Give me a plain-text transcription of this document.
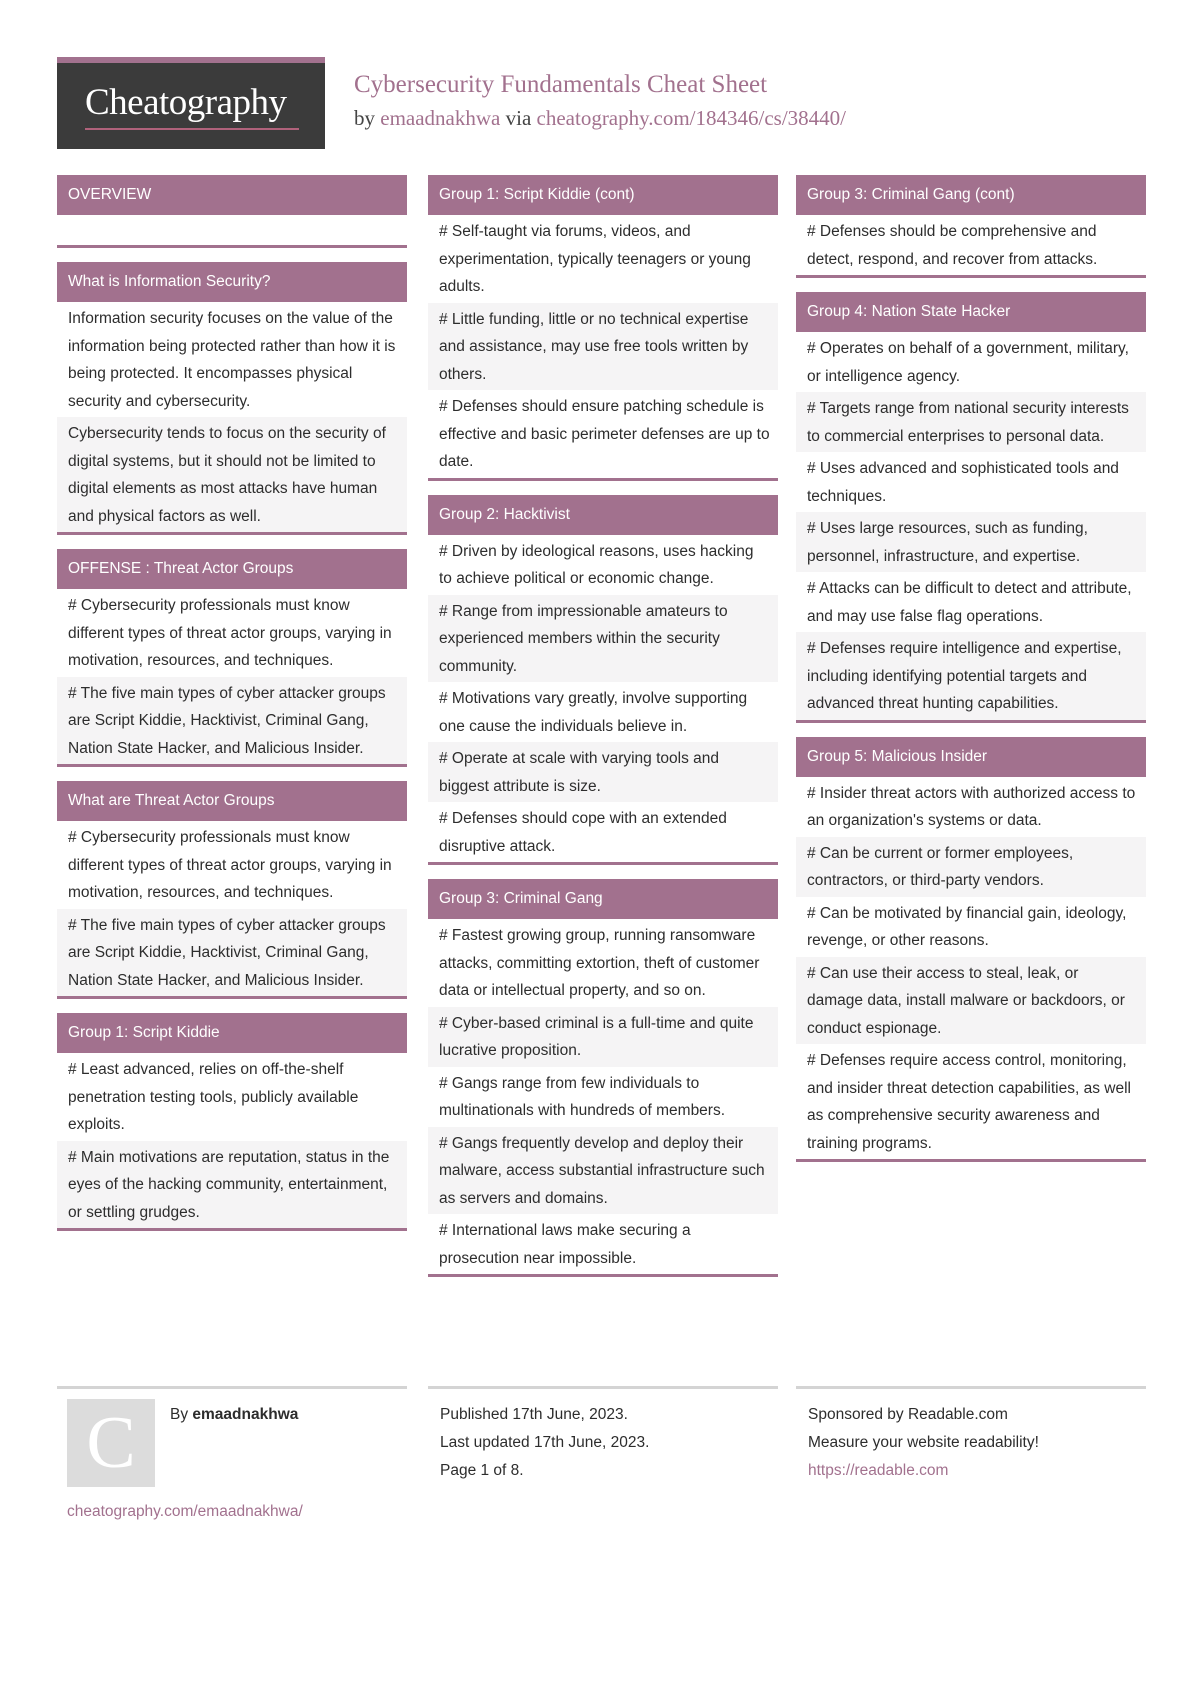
Cheatography	Cybersecurity Fundamentals Cheat Sheet
by emaadnakhwa via cheatography.com/184346/cs/38440/
OVERVIEW
What is Information Security?
Information security focuses on the value of the information being protected rather than how it is being protected. It encompasses physical security and cybersecurity.
Cybersecurity tends to focus on the security of digital systems, but it should not be limited to digital elements as most attacks have human and physical factors as well.
OFFENSE : Threat Actor Groups
# Cybersecurity professionals must know different types of threat actor groups, varying in motivation, resources, and techniques.
# The five main types of cyber attacker groups are Script Kiddie, Hacktivist, Criminal Gang, Nation State Hacker, and Malicious Insider.
What are Threat Actor Groups
# Cybersecurity professionals must know different types of threat actor groups, varying in motivation, resources, and techniques.
# The five main types of cyber attacker groups are Script Kiddie, Hacktivist, Criminal Gang, Nation State Hacker, and Malicious Insider.
Group 1: Script Kiddie
# Least advanced, relies on off-the-shelf penetration testing tools, publicly available exploits.
# Main motivations are reputation, status in the eyes of the hacking community, entertainment, or settling grudges.
Group 1: Script Kiddie (cont)
# Self-taught via forums, videos, and experimentation, typically teenagers or young adults.
# Little funding, little or no technical expertise and assistance, may use free tools written by others.
# Defenses should ensure patching schedule is effective and basic perimeter defenses are up to date.
Group 2: Hacktivist
# Driven by ideological reasons, uses hacking to achieve political or economic change.
# Range from impressionable amateurs to experienced members within the security community.
# Motivations vary greatly, involve supporting one cause the individuals believe in.
# Operate at scale with varying tools and biggest attribute is size.
# Defenses should cope with an extended disruptive attack.
Group 3: Criminal Gang
# Fastest growing group, running ransomware attacks, committing extortion, theft of customer data or intellectual property, and so on.
# Cyber-based criminal is a full-time and quite lucrative proposition.
# Gangs range from few individuals to multinationals with hundreds of members.
# Gangs frequently develop and deploy their malware, access substantial infrastructure such as servers and domains.
# International laws make securing a prosecution near impossible.
Group 3: Criminal Gang (cont)
# Defenses should be comprehensive and detect, respond, and recover from attacks.
Group 4: Nation State Hacker
# Operates on behalf of a government, military, or intelligence agency.
# Targets range from national security interests to commercial enterprises to personal data.
# Uses advanced and sophisticated tools and techniques.
# Uses large resources, such as funding, personnel, infrastructure, and expertise.
# Attacks can be difficult to detect and attribute, and may use false flag operations.
# Defenses require intelligence and expertise, including identifying potential targets and advanced threat hunting capabilities.
Group 5: Malicious Insider
# Insider threat actors with authorized access to an organization's systems or data.
# Can be current or former employees, contractors, or third-party vendors.
# Can be motivated by financial gain, ideology, revenge, or other reasons.
# Can use their access to steal, leak, or damage data, install malware or backdoors, or conduct espionage.
# Defenses require access control, monitoring, and insider threat detection capabilities, as well as comprehensive security awareness and training programs.
C	By emaadnakhwa
cheatography.com/emaadnakhwa/
Published 17th June, 2023.
Last updated 17th June, 2023.
Page 1 of 8.
Sponsored by Readable.com
Measure your website readability!
https://readable.com
